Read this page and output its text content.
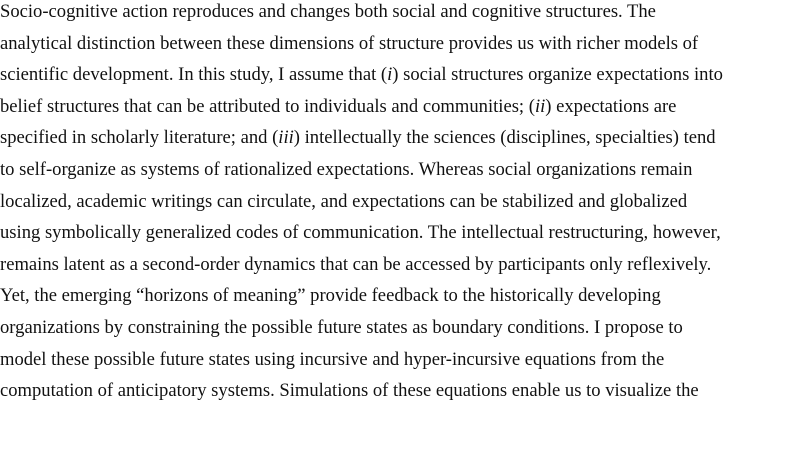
Socio-cognitive action reproduces and changes both social and cognitive structures. The
analytical distinction between these dimensions of structure provides us with richer models of
scientific development. In this study, I assume that (i) social structures organize expectations into
belief structures that can be attributed to individuals and communities; (ii) expectations are
specified in scholarly literature; and (iii) intellectually the sciences (disciplines, specialties) tend
to self-organize as systems of rationalized expectations. Whereas social organizations remain
localized, academic writings can circulate, and expectations can be stabilized and globalized
using symbolically generalized codes of communication. The intellectual restructuring, however,
remains latent as a second-order dynamics that can be accessed by participants only reflexively.
Yet, the emerging “horizons of meaning” provide feedback to the historically developing
organizations by constraining the possible future states as boundary conditions. I propose to
model these possible future states using incursive and hyper-incursive equations from the
computation of anticipatory systems. Simulations of these equations enable us to visualize the
